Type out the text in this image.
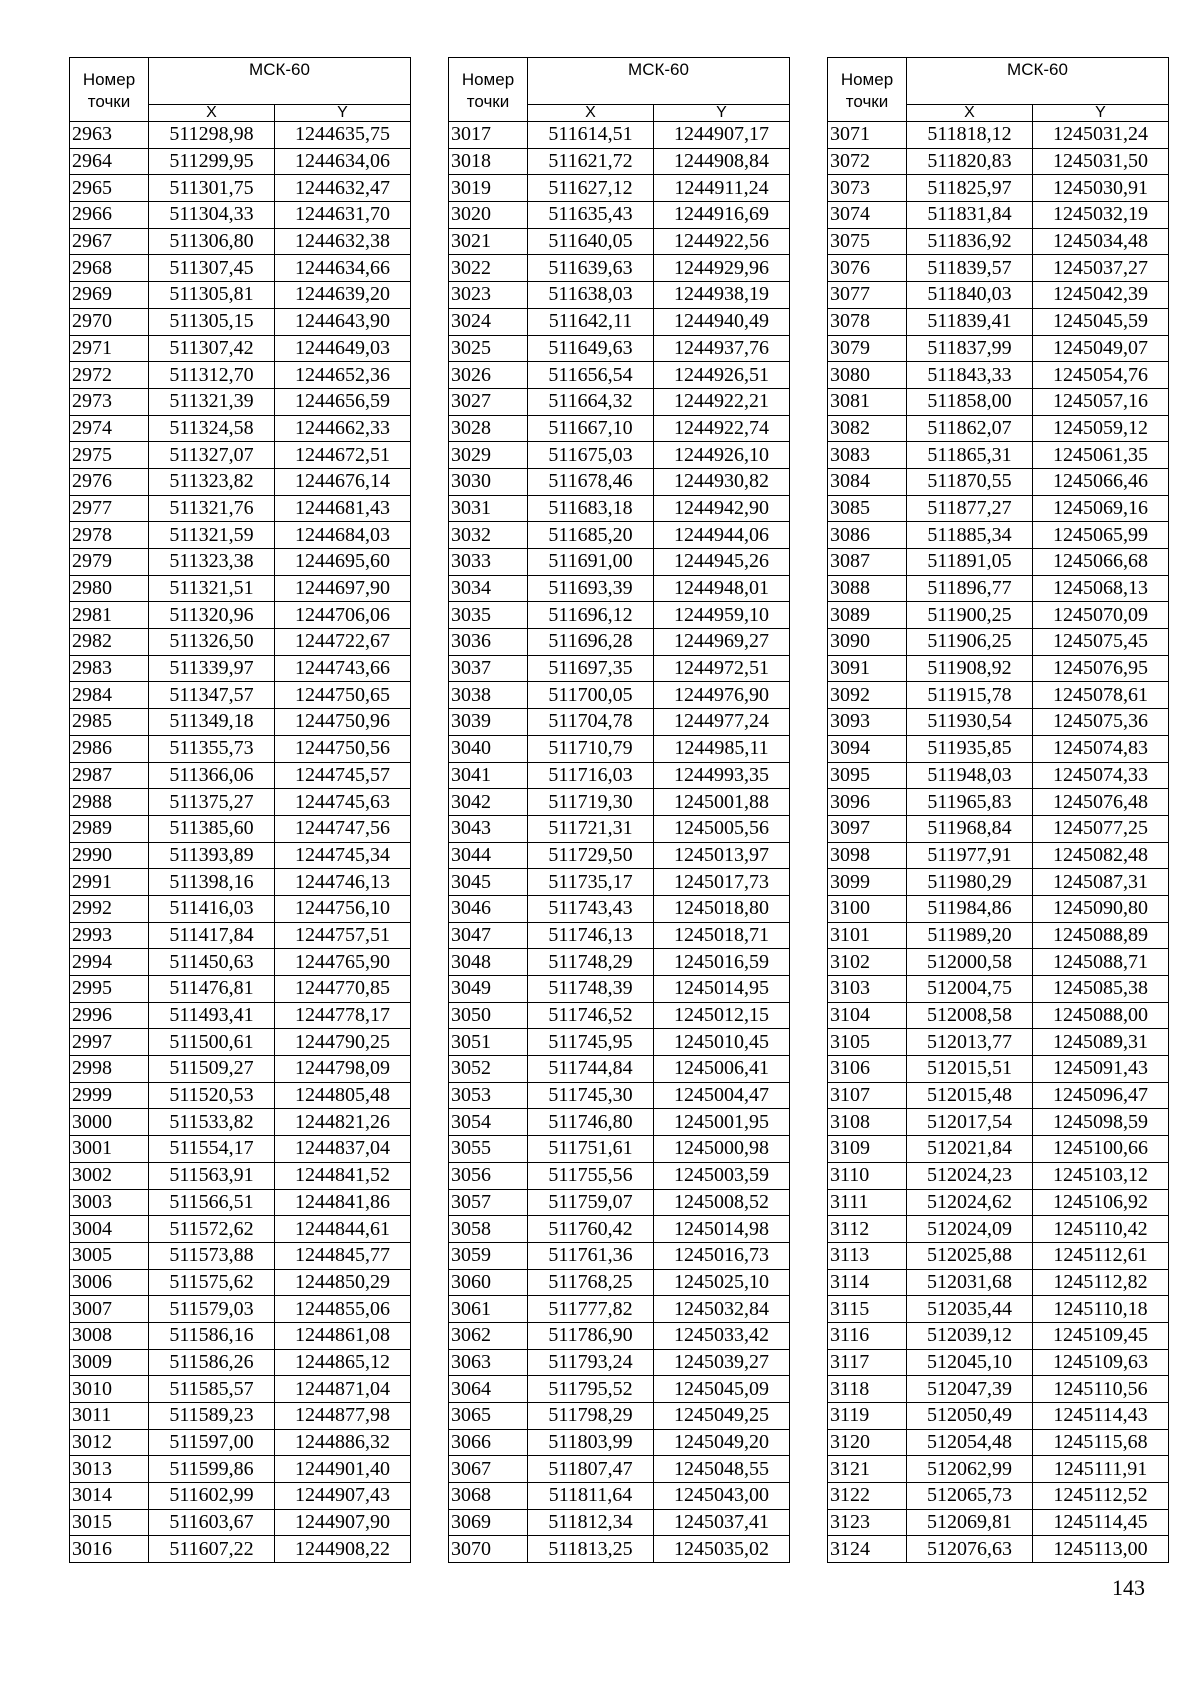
Номер точки	МСК-60	
	X	Y
2963	511298,98	1244635,75
2964	511299,95	1244634,06
2965	511301,75	1244632,47
2966	511304,33	1244631,70
2967	511306,80	1244632,38
2968	511307,45	1244634,66
2969	511305,81	1244639,20
2970	511305,15	1244643,90
2971	511307,42	1244649,03
2972	511312,70	1244652,36
2973	511321,39	1244656,59
2974	511324,58	1244662,33
2975	511327,07	1244672,51
2976	511323,82	1244676,14
2977	511321,76	1244681,43
2978	511321,59	1244684,03
2979	511323,38	1244695,60
2980	511321,51	1244697,90
2981	511320,96	1244706,06
2982	511326,50	1244722,67
2983	511339,97	1244743,66
2984	511347,57	1244750,65
2985	511349,18	1244750,96
2986	511355,73	1244750,56
2987	511366,06	1244745,57
2988	511375,27	1244745,63
2989	511385,60	1244747,56
2990	511393,89	1244745,34
2991	511398,16	1244746,13
2992	511416,03	1244756,10
2993	511417,84	1244757,51
2994	511450,63	1244765,90
2995	511476,81	1244770,85
2996	511493,41	1244778,17
2997	511500,61	1244790,25
2998	511509,27	1244798,09
2999	511520,53	1244805,48
3000	511533,82	1244821,26
3001	511554,17	1244837,04
3002	511563,91	1244841,52
3003	511566,51	1244841,86
3004	511572,62	1244844,61
3005	511573,88	1244845,77
3006	511575,62	1244850,29
3007	511579,03	1244855,06
3008	511586,16	1244861,08
3009	511586,26	1244865,12
3010	511585,57	1244871,04
3011	511589,23	1244877,98
3012	511597,00	1244886,32
3013	511599,86	1244901,40
3014	511602,99	1244907,43
3015	511603,67	1244907,90
3016	511607,22	1244908,22
Номер точки	МСК-60	
	X	Y
3017	511614,51	1244907,17
3018	511621,72	1244908,84
3019	511627,12	1244911,24
3020	511635,43	1244916,69
3021	511640,05	1244922,56
3022	511639,63	1244929,96
3023	511638,03	1244938,19
3024	511642,11	1244940,49
3025	511649,63	1244937,76
3026	511656,54	1244926,51
3027	511664,32	1244922,21
3028	511667,10	1244922,74
3029	511675,03	1244926,10
3030	511678,46	1244930,82
3031	511683,18	1244942,90
3032	511685,20	1244944,06
3033	511691,00	1244945,26
3034	511693,39	1244948,01
3035	511696,12	1244959,10
3036	511696,28	1244969,27
3037	511697,35	1244972,51
3038	511700,05	1244976,90
3039	511704,78	1244977,24
3040	511710,79	1244985,11
3041	511716,03	1244993,35
3042	511719,30	1245001,88
3043	511721,31	1245005,56
3044	511729,50	1245013,97
3045	511735,17	1245017,73
3046	511743,43	1245018,80
3047	511746,13	1245018,71
3048	511748,29	1245016,59
3049	511748,39	1245014,95
3050	511746,52	1245012,15
3051	511745,95	1245010,45
3052	511744,84	1245006,41
3053	511745,30	1245004,47
3054	511746,80	1245001,95
3055	511751,61	1245000,98
3056	511755,56	1245003,59
3057	511759,07	1245008,52
3058	511760,42	1245014,98
3059	511761,36	1245016,73
3060	511768,25	1245025,10
3061	511777,82	1245032,84
3062	511786,90	1245033,42
3063	511793,24	1245039,27
3064	511795,52	1245045,09
3065	511798,29	1245049,25
3066	511803,99	1245049,20
3067	511807,47	1245048,55
3068	511811,64	1245043,00
3069	511812,34	1245037,41
3070	511813,25	1245035,02
Номер точки	МСК-60	
	X	Y
3071	511818,12	1245031,24
3072	511820,83	1245031,50
3073	511825,97	1245030,91
3074	511831,84	1245032,19
3075	511836,92	1245034,48
3076	511839,57	1245037,27
3077	511840,03	1245042,39
3078	511839,41	1245045,59
3079	511837,99	1245049,07
3080	511843,33	1245054,76
3081	511858,00	1245057,16
3082	511862,07	1245059,12
3083	511865,31	1245061,35
3084	511870,55	1245066,46
3085	511877,27	1245069,16
3086	511885,34	1245065,99
3087	511891,05	1245066,68
3088	511896,77	1245068,13
3089	511900,25	1245070,09
3090	511906,25	1245075,45
3091	511908,92	1245076,95
3092	511915,78	1245078,61
3093	511930,54	1245075,36
3094	511935,85	1245074,83
3095	511948,03	1245074,33
3096	511965,83	1245076,48
3097	511968,84	1245077,25
3098	511977,91	1245082,48
3099	511980,29	1245087,31
3100	511984,86	1245090,80
3101	511989,20	1245088,89
3102	512000,58	1245088,71
3103	512004,75	1245085,38
3104	512008,58	1245088,00
3105	512013,77	1245089,31
3106	512015,51	1245091,43
3107	512015,48	1245096,47
3108	512017,54	1245098,59
3109	512021,84	1245100,66
3110	512024,23	1245103,12
3111	512024,62	1245106,92
3112	512024,09	1245110,42
3113	512025,88	1245112,61
3114	512031,68	1245112,82
3115	512035,44	1245110,18
3116	512039,12	1245109,45
3117	512045,10	1245109,63
3118	512047,39	1245110,56
3119	512050,49	1245114,43
3120	512054,48	1245115,68
3121	512062,99	1245111,91
3122	512065,73	1245112,52
3123	512069,81	1245114,45
3124	512076,63	1245113,00
143
